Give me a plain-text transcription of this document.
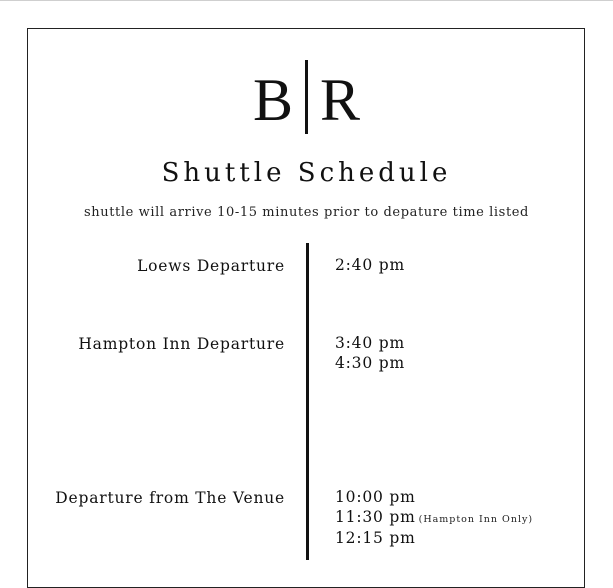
B R
Shuttle Schedule
shuttle will arrive 10-15 minutes prior to depature time listed
Loews Departure	2:40 pm
Hampton Inn Departure	3:40 pm
4:30 pm
Departure from The Venue	10:00 pm
11:30 pm (Hampton Inn Only)
12:15 pm
